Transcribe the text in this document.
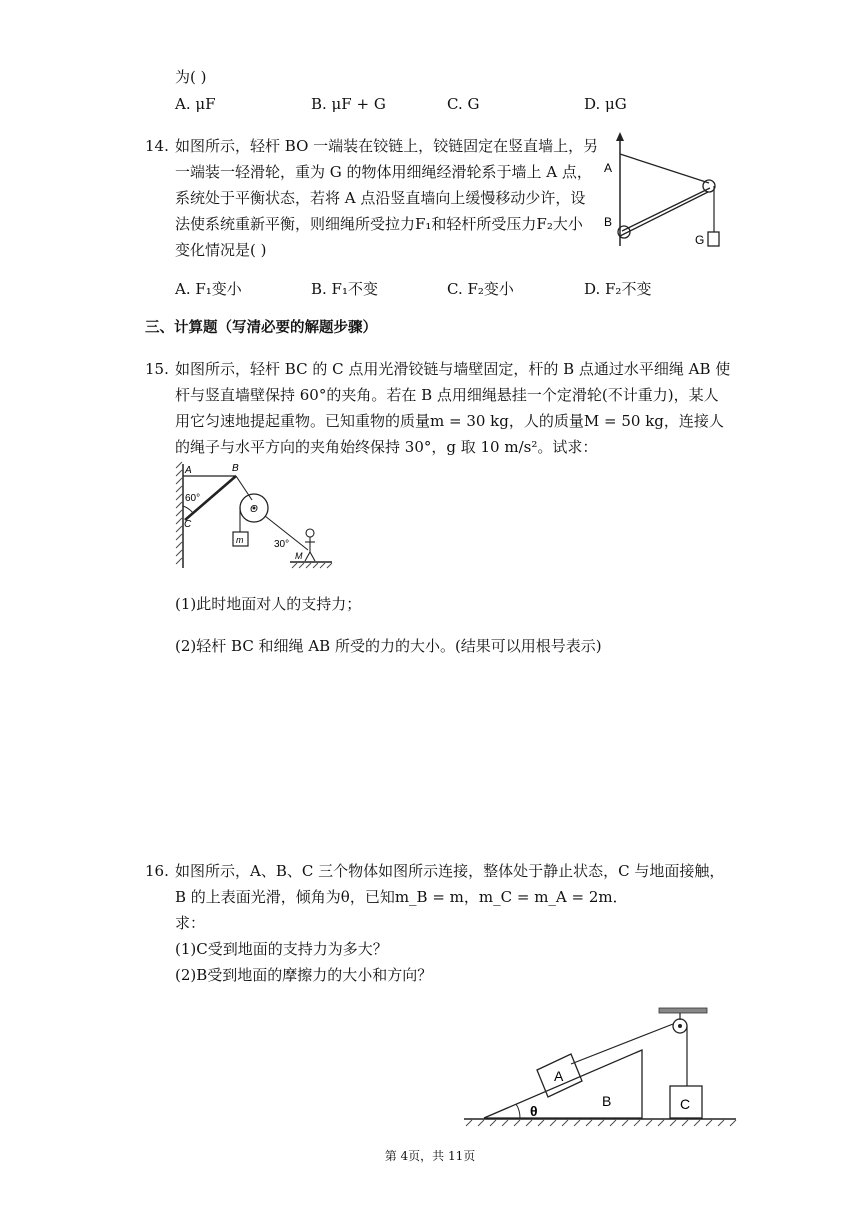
为( )
A. μF	B. μF + G	C. G	D. μG
14. 如图所示，轻杆 BO 一端装在铰链上，铰链固定在竖直墙上，另
一端装一轻滑轮，重为 G 的物体用细绳经滑轮系于墙上 A 点，
系统处于平衡状态，若将 A 点沿竖直墙向上缓慢移动少许，设
法使系统重新平衡，则细绳所受拉力F₁和轻杆所受压力F₂大小
变化情况是( )
A
B
G
A. F₁变小	B. F₁不变	C. F₂变小	D. F₂不变
三、计算题（写清必要的解题步骤）
15. 如图所示，轻杆 BC 的 C 点用光滑铰链与墙壁固定，杆的 B 点通过水平细绳 AB 使
杆与竖直墙壁保持 60°的夹角。若在 B 点用细绳悬挂一个定滑轮(不计重力)，某人
用它匀速地提起重物。已知重物的质量m = 30 kg，人的质量M = 50 kg，连接人
的绳子与水平方向的夹角始终保持 30°，g 取 10 m/s²。试求：
A	B
C
O
m
M
60°
30°
(1)此时地面对人的支持力；
(2)轻杆 BC 和细绳 AB 所受的力的大小。(结果可以用根号表示)
16. 如图所示，A、B、C 三个物体如图所示连接，整体处于静止状态，C 与地面接触，
B 的上表面光滑，倾角为θ，已知m_B = m，m_C = m_A = 2m．
求：
(1)C受到地面的支持力为多大？
(2)B受到地面的摩擦力的大小和方向？
A
B	C
θ
第 4页，共 11页
